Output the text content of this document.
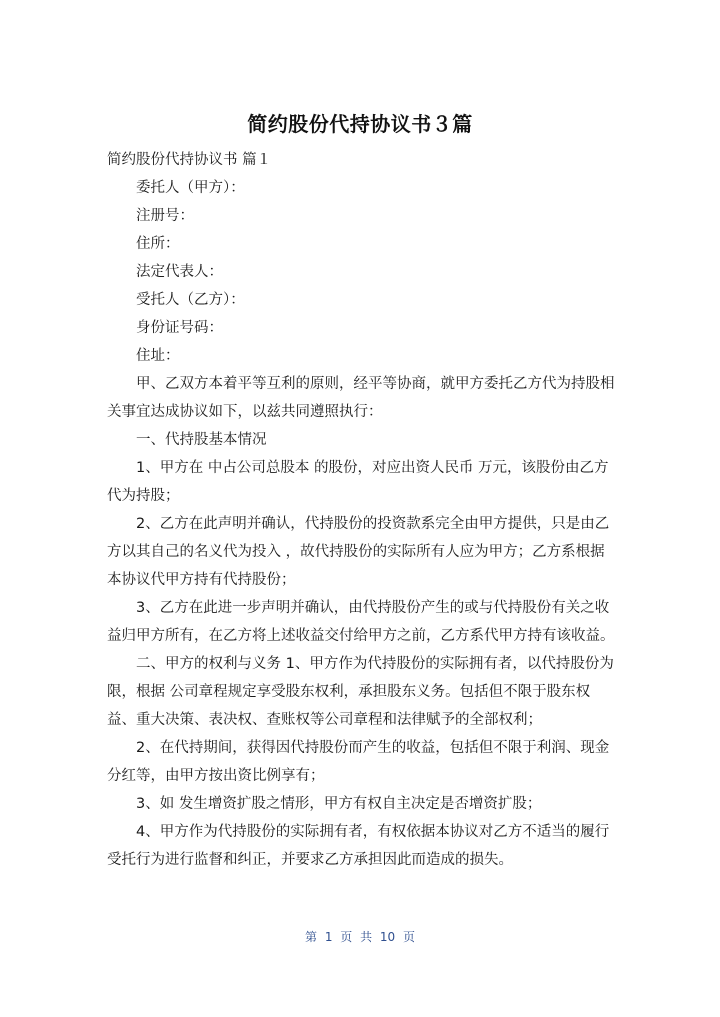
简约股份代持协议书３篇

简约股份代持协议书 篇１

委托人（甲方）：

注册号：

住所：

法定代表人：

受托人（乙方）：

身份证号码：

住址：

甲、乙双方本着平等互利的原则，经平等协商，就甲方委托乙方代为持股相关事宜达成协议如下，以兹共同遵照执行：

一、代持股基本情况

1、甲方在 中占公司总股本 的股份，对应出资人民币 万元，该股份由乙方代为持股；

2、乙方在此声明并确认，代持股份的投资款系完全由甲方提供，只是由乙方以其自己的名义代为投入 ，故代持股份的实际所有人应为甲方；乙方系根据本协议代甲方持有代持股份；

3、乙方在此进一步声明并确认，由代持股份产生的或与代持股份有关之收益归甲方所有，在乙方将上述收益交付给甲方之前，乙方系代甲方持有该收益。

二、甲方的权利与义务 1、甲方作为代持股份的实际拥有者，以代持股份为限，根据 公司章程规定享受股东权利，承担股东义务。包括但不限于股东权益、重大决策、表决权、查账权等公司章程和法律赋予的全部权利；

2、在代持期间，获得因代持股份而产生的收益，包括但不限于利润、现金分红等，由甲方按出资比例享有；

3、如 发生增资扩股之情形，甲方有权自主决定是否增资扩股；

4、甲方作为代持股份的实际拥有者，有权依据本协议对乙方不适当的履行受托行为进行监督和纠正，并要求乙方承担因此而造成的损失。

第 1 页 共 10 页
